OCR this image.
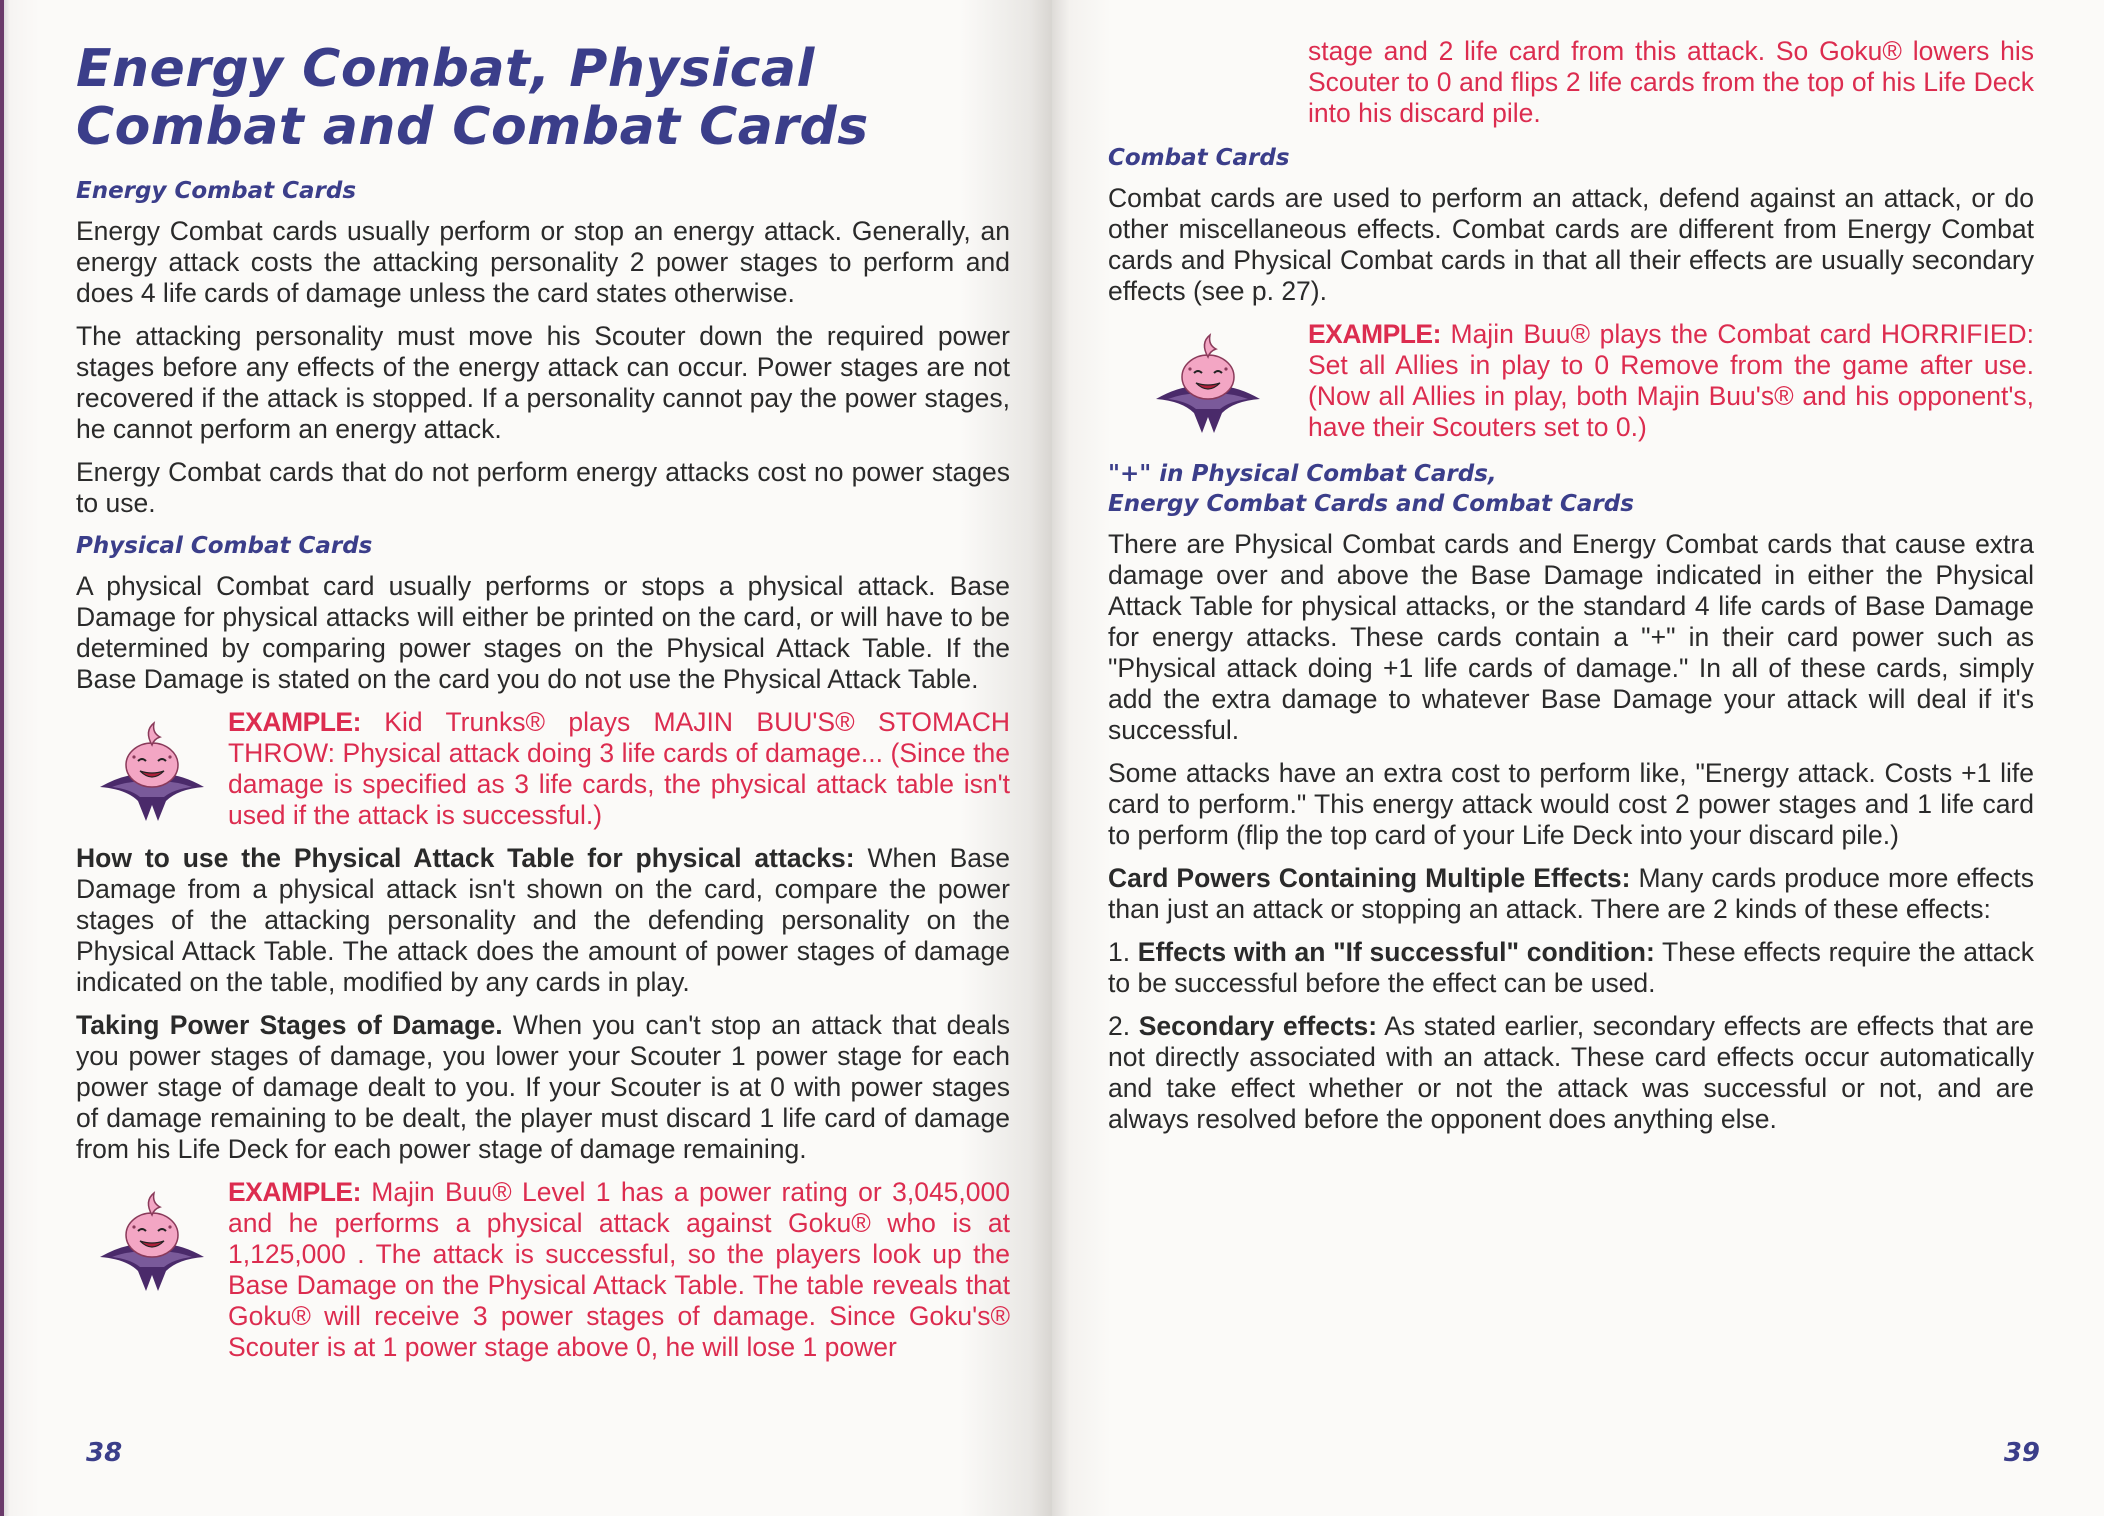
Energy Combat, Physical
Combat and Combat Cards
Energy Combat Cards

Energy Combat cards usually perform or stop an energy attack. Generally, an energy attack costs the attacking personality 2 power stages to perform and does 4 life cards of damage unless the card states otherwise.

The attacking personality must move his Scouter down the required power stages before any effects of the energy attack can occur. Power stages are not recovered if the attack is stopped. If a personality cannot pay the power stages, he cannot perform an energy attack.

Energy Combat cards that do not perform energy attacks cost no power stages to use.

Physical Combat Cards

A physical Combat card usually performs or stops a physical attack. Base Damage for physical attacks will either be printed on the card, or will have to be determined by comparing power stages on the Physical Attack Table. If the Base Damage is stated on the card you do not use the Physical Attack Table.

EXAMPLE: Kid Trunks® plays MAJIN BUU'S® STOMACH THROW: Physical attack doing 3 life cards of damage... (Since the damage is specified as 3 life cards, the physical attack table isn't used if the attack is successful.)

How to use the Physical Attack Table for physical attacks: When Base Damage from a physical attack isn't shown on the card, compare the power stages of the attacking personality and the defending personality on the Physical Attack Table. The attack does the amount of power stages of damage indicated on the table, modified by any cards in play.

Taking Power Stages of Damage. When you can't stop an attack that deals you power stages of damage, you lower your Scouter 1 power stage for each power stage of damage dealt to you. If your Scouter is at 0 with power stages of damage remaining to be dealt, the player must discard 1 life card of damage from his Life Deck for each power stage of damage remaining.

EXAMPLE: Majin Buu® Level 1 has a power rating or 3,045,000 and he performs a physical attack against Goku® who is at 1,125,000 . The attack is successful, so the players look up the Base Damage on the Physical Attack Table. The table reveals that Goku® will receive 3 power stages of damage. Since Goku's® Scouter is at 1 power stage above 0, he will lose 1 power

38

stage and 2 life card from this attack. So Goku® lowers his Scouter to 0 and flips 2 life cards from the top of his Life Deck into his discard pile.

Combat Cards

Combat cards are used to perform an attack, defend against an attack, or do other miscellaneous effects. Combat cards are different from Energy Combat cards and Physical Combat cards in that all their effects are usually secondary effects (see p. 27).

EXAMPLE: Majin Buu® plays the Combat card HORRIFIED: Set all Allies in play to 0 Remove from the game after use. (Now all Allies in play, both Majin Buu's® and his opponent's, have their Scouters set to 0.)

"+" in Physical Combat Cards,
Energy Combat Cards and Combat Cards

There are Physical Combat cards and Energy Combat cards that cause extra damage over and above the Base Damage indicated in either the Physical Attack Table for physical attacks, or the standard 4 life cards of Base Damage for energy attacks. These cards contain a "+" in their card power such as "Physical attack doing +1 life cards of damage." In all of these cards, simply add the extra damage to whatever Base Damage your attack will deal if it's successful.

Some attacks have an extra cost to perform like, "Energy attack. Costs +1 life card to perform." This energy attack would cost 2 power stages and 1 life card to perform (flip the top card of your Life Deck into your discard pile.)

Card Powers Containing Multiple Effects: Many cards produce more effects than just an attack or stopping an attack. There are 2 kinds of these effects:

1. Effects with an "If successful" condition: These effects require the attack to be successful before the effect can be used.

2. Secondary effects: As stated earlier, secondary effects are effects that are not directly associated with an attack. These card effects occur automatically and take effect whether or not the attack was successful or not, and are always resolved before the opponent does anything else.

39
